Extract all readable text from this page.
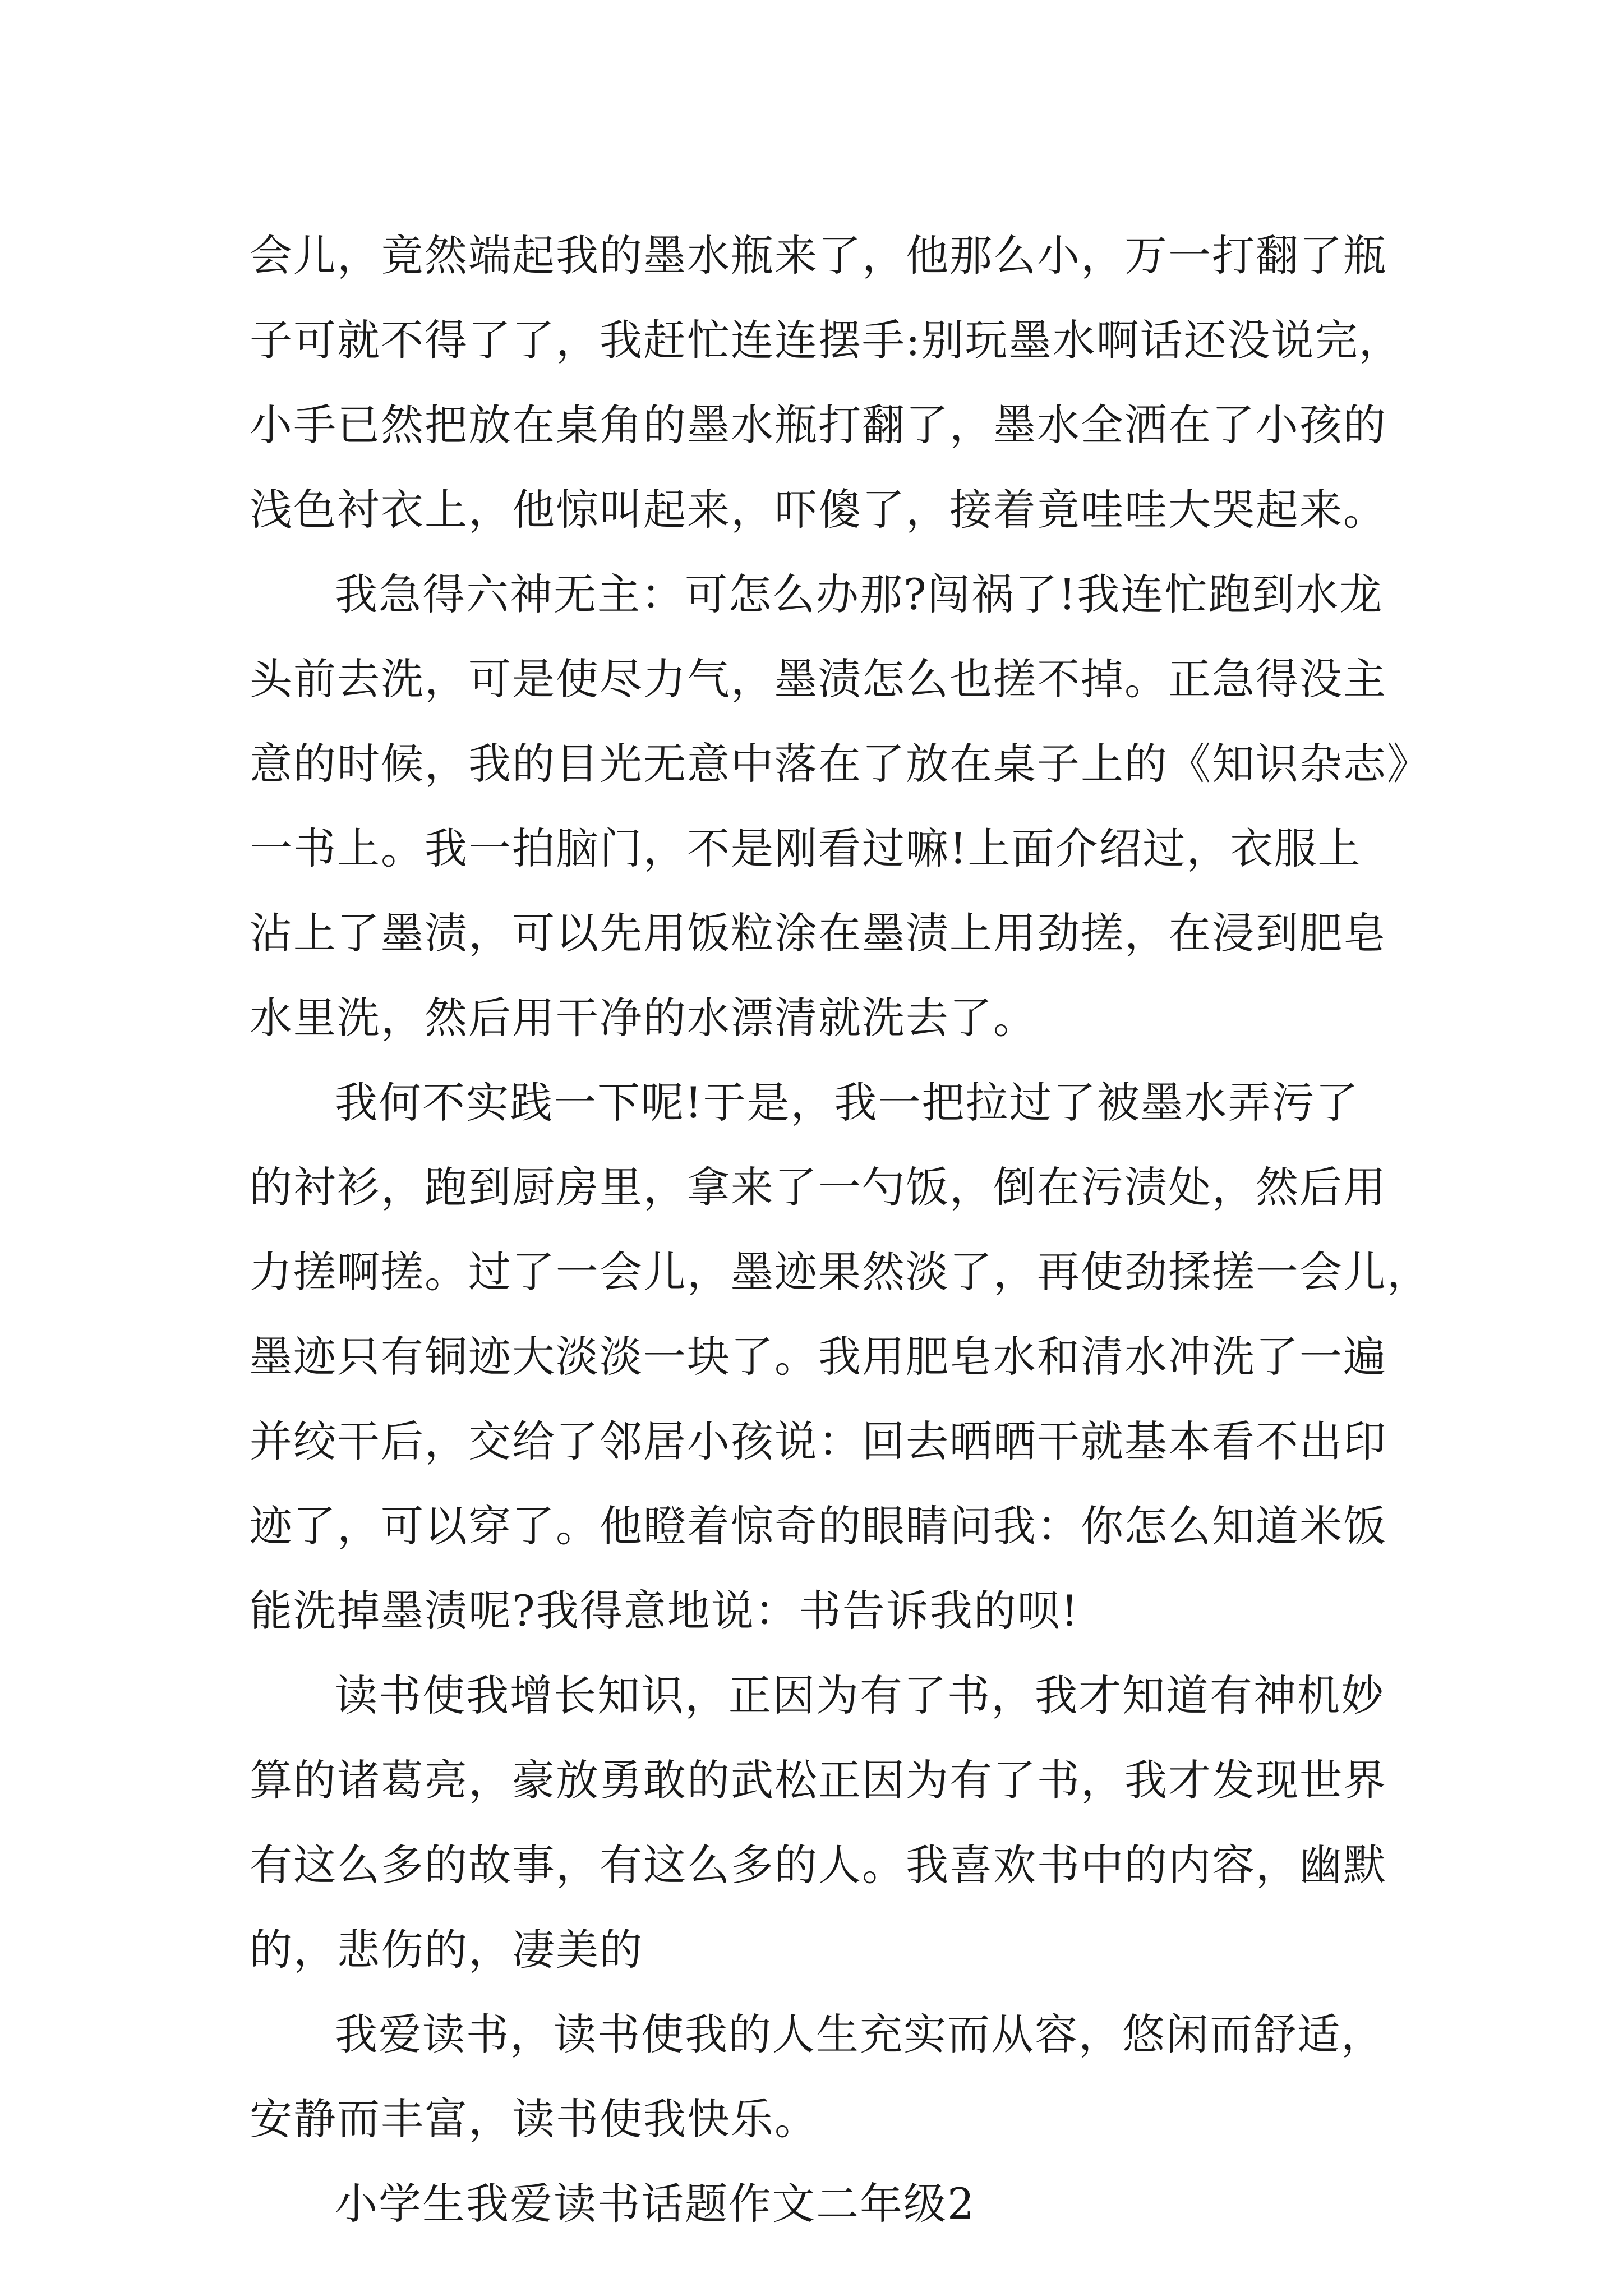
会儿，竟然端起我的墨水瓶来了，他那么小，万一打翻了瓶
子可就不得了了，我赶忙连连摆手:别玩墨水啊话还没说完，
小手已然把放在桌角的墨水瓶打翻了，墨水全洒在了小孩的
浅色衬衣上，他惊叫起来，吓傻了，接着竟哇哇大哭起来。
我急得六神无主：可怎么办那?闯祸了!我连忙跑到水龙
头前去洗，可是使尽力气，墨渍怎么也搓不掉。正急得没主
意的时候，我的目光无意中落在了放在桌子上的《知识杂志》
一书上。我一拍脑门，不是刚看过嘛!上面介绍过，衣服上
沾上了墨渍，可以先用饭粒涂在墨渍上用劲搓，在浸到肥皂
水里洗，然后用干净的水漂清就洗去了。
我何不实践一下呢!于是，我一把拉过了被墨水弄污了
的衬衫，跑到厨房里，拿来了一勺饭，倒在污渍处，然后用
力搓啊搓。过了一会儿，墨迹果然淡了，再使劲揉搓一会儿，
墨迹只有铜迹大淡淡一块了。我用肥皂水和清水冲洗了一遍
并绞干后，交给了邻居小孩说：回去晒晒干就基本看不出印
迹了，可以穿了。他瞪着惊奇的眼睛问我：你怎么知道米饭
能洗掉墨渍呢?我得意地说：书告诉我的呗!
读书使我增长知识，正因为有了书，我才知道有神机妙
算的诸葛亮，豪放勇敢的武松正因为有了书，我才发现世界
有这么多的故事，有这么多的人。我喜欢书中的内容，幽默
的，悲伤的，凄美的
我爱读书，读书使我的人生充实而从容，悠闲而舒适，
安静而丰富，读书使我快乐。
小学生我爱读书话题作文二年级2
